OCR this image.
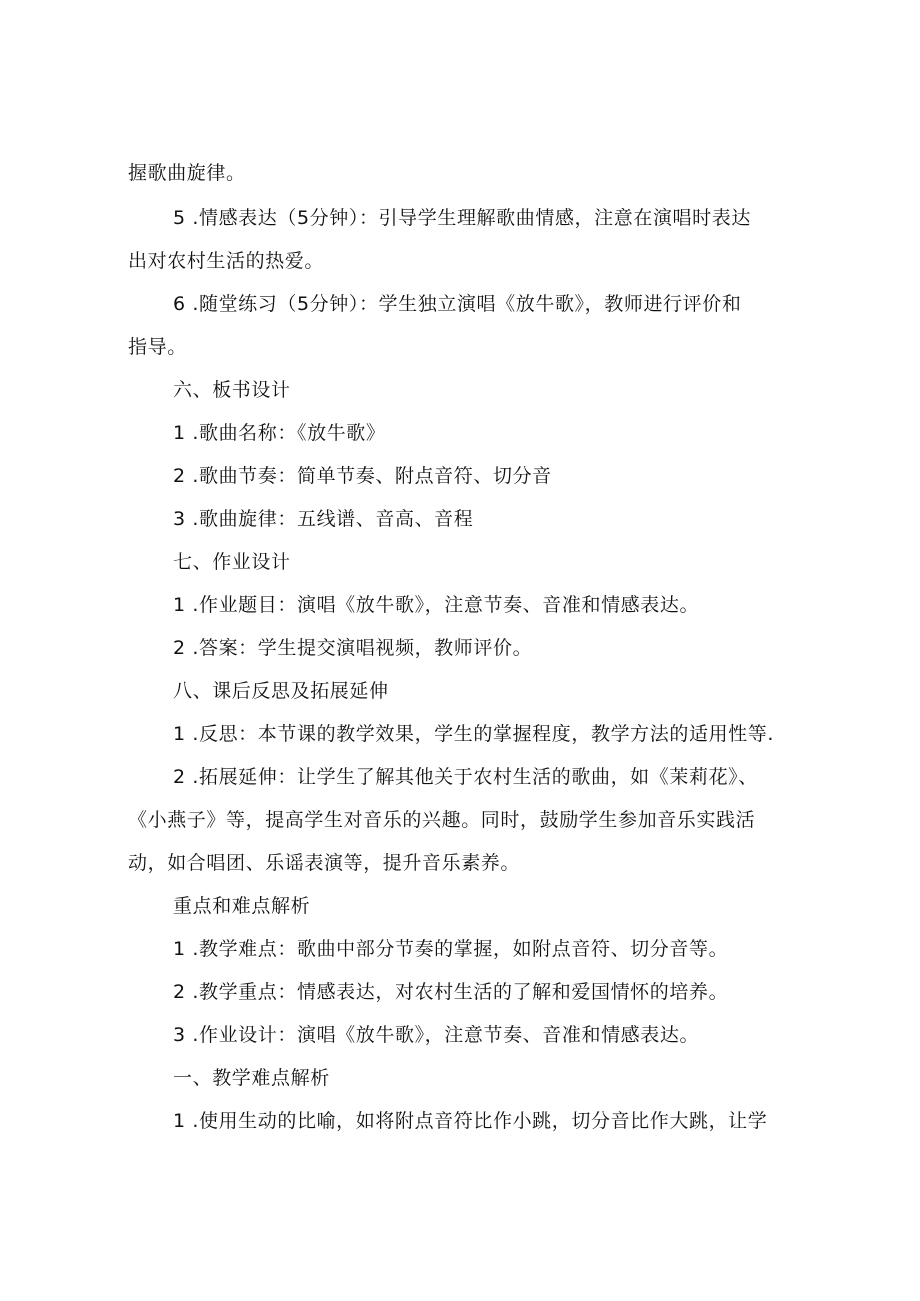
握歌曲旋律。
5 .情感表达（5分钟）：引导学生理解歌曲情感，注意在演唱时表达
出对农村生活的热爱。
6 .随堂练习（5分钟）：学生独立演唱《放牛歌》，教师进行评价和
指导。
六、板书设计
1 .歌曲名称：《放牛歌》
2 .歌曲节奏：简单节奏、附点音符、切分音
3 .歌曲旋律：五线谱、音高、音程
七、作业设计
1 .作业题目：演唱《放牛歌》，注意节奏、音准和情感表达。
2 .答案：学生提交演唱视频，教师评价。
八、课后反思及拓展延伸
1 .反思：本节课的教学效果，学生的掌握程度，教学方法的适用性等.
2 .拓展延伸：让学生了解其他关于农村生活的歌曲，如《茉莉花》、
《小燕子》等，提高学生对音乐的兴趣。同时，鼓励学生参加音乐实践活
动，如合唱团、乐谣表演等，提升音乐素养。
重点和难点解析
1 .教学难点：歌曲中部分节奏的掌握，如附点音符、切分音等。
2 .教学重点：情感表达，对农村生活的了解和爱国情怀的培养。
3 .作业设计：演唱《放牛歌》，注意节奏、音准和情感表达。
一、教学难点解析
1 .使用生动的比喻，如将附点音符比作小跳，切分音比作大跳，让学
